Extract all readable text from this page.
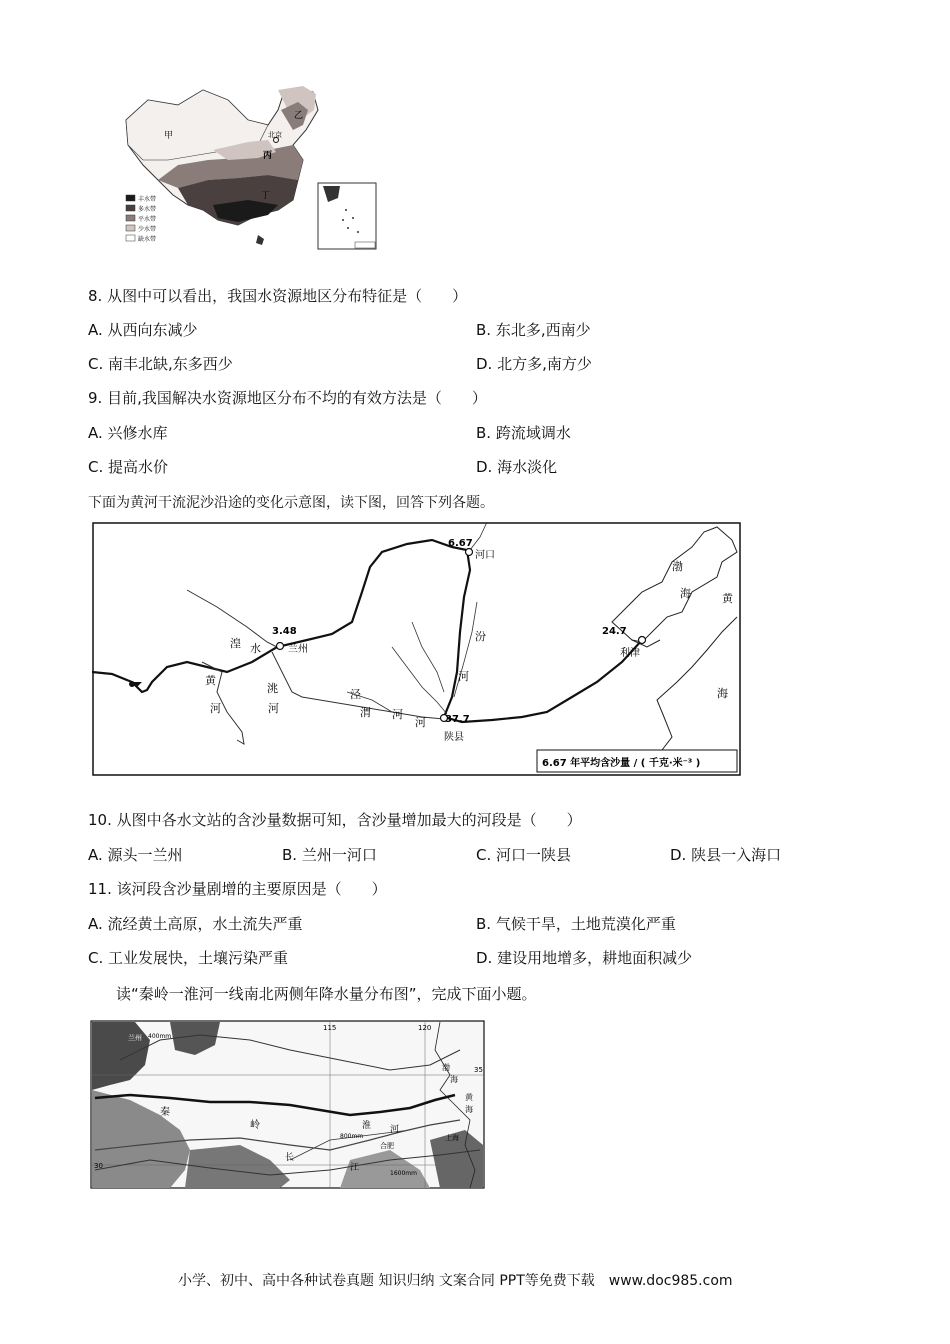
甲
乙
丙
丁
北京
丰水带
多水带
平水带
少水带
缺水带
8. 从图中可以看出，我国水资源地区分布特征是（　　）
A. 从西向东减少	B. 东北多,西南少
C. 南丰北缺,东多西少	D. 北方多,南方少
9. 目前,我国解决水资源地区分布不均的有效方法是（　　）
A. 兴修水库	B. 跨流域调水
C. 提高水价	D. 海水淡化
下面为黄河干流泥沙沿途的变化示意图，读下图，回答下列各题。
3.48
兰州
6.67
河口
37.7
陕县
24.7
利津
黄
河
洮
河
湟 水
汾
河
泾
渭 河
河
渤
海	黄
海
6.67 年平均含沙量 / ( 千克·米⁻³ )
10. 从图中各水文站的含沙量数据可知，含沙量增加最大的河段是（　　）
A. 源头一兰州	B. 兰州一河口	C. 河口一陕县	D. 陕县一入海口
11. 该河段含沙量剧增的主要原因是（　　）
A. 流经黄土高原，水土流失严重	B. 气候干旱，土地荒漠化严重
C. 工业发展快，土壤污染严重	D. 建设用地增多，耕地面积减少
读“秦岭一淮河一线南北两侧年降水量分布图”，完成下面小题。
兰州
秦
岭	淮 河
长
江
合肥
上海
渤
海
黄
海
115	120
35
30
400mm
800mm
1600mm
小学、初中、高中各种试卷真题 知识归纳 文案合同 PPT等免费下载　www.doc985.com
